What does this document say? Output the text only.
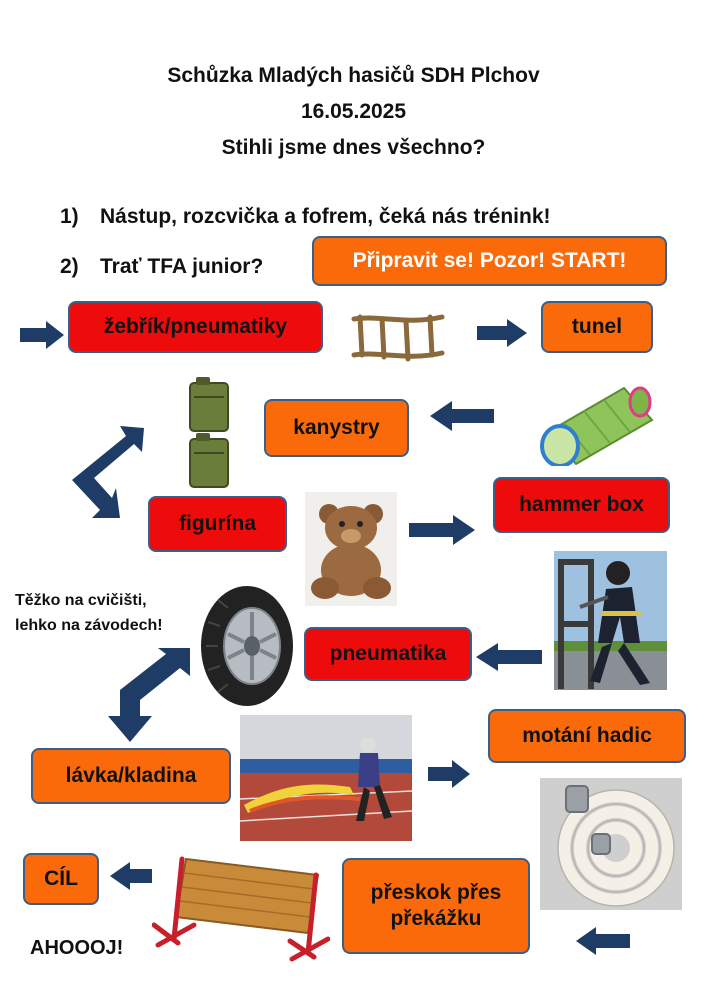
Schůzka Mladých hasičů SDH Plchov
16.05.2025
Stihli jsme dnes všechno?
1) Nástup, rozcvička a fofrem, čeká nás trénink!
2) Trať TFA junior?	Připravit se! Pozor! START!
žebřík/pneumatiky	tunel
kanystry
figurína
hammer box
Těžko na cvičišti,
lehko na závodech!
pneumatika
motání hadic
lávka/kladina
CÍL
přeskok přes
překážku
AHOOOJ!
